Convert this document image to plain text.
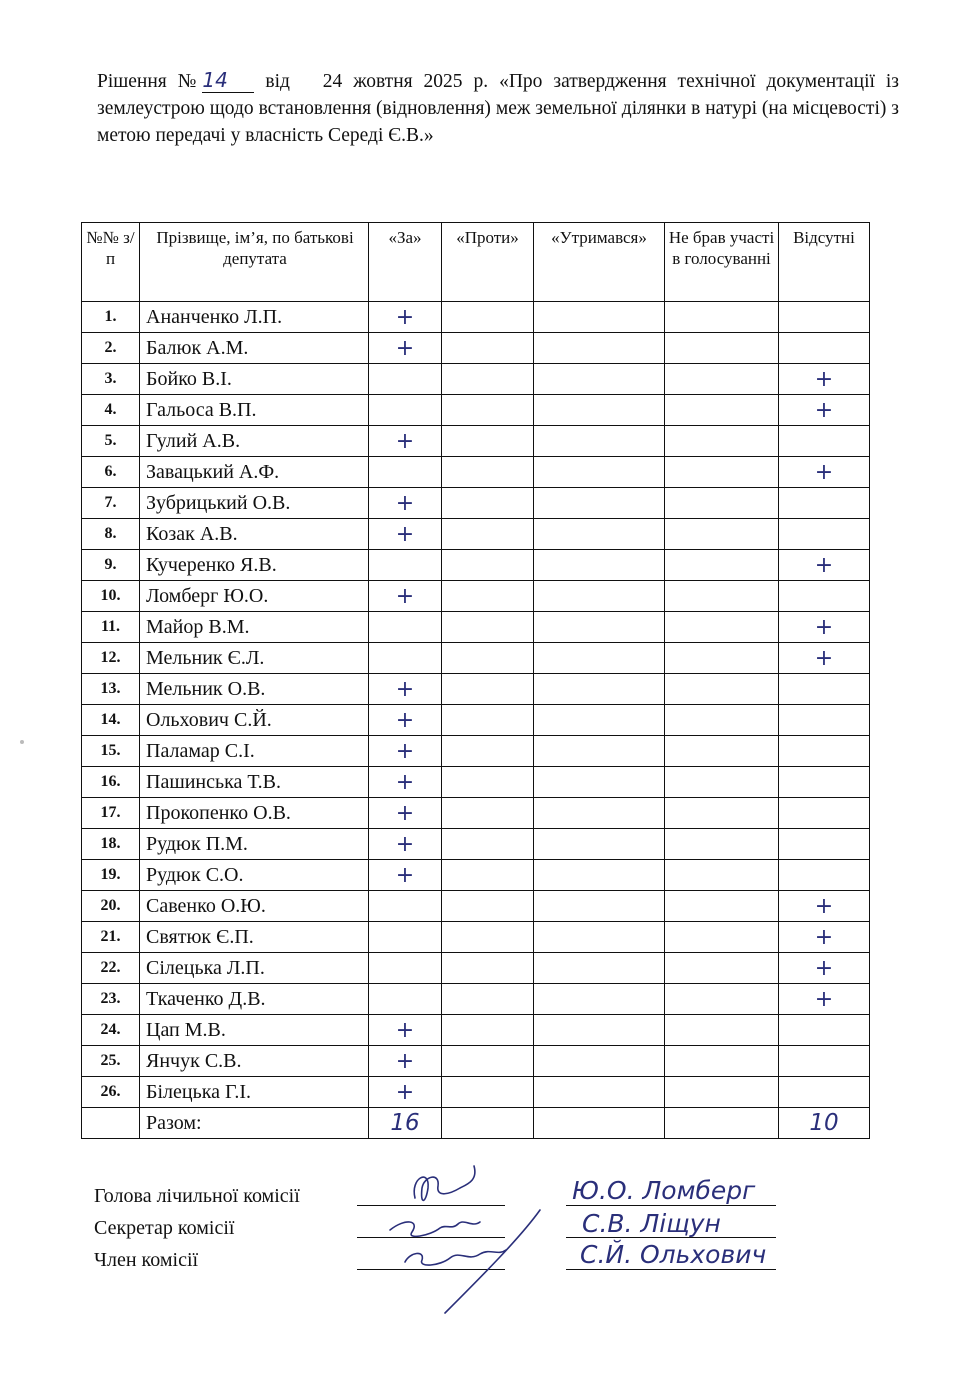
Рішення №14 від 24 жовтня 2025 р. «Про затвердження технічної документації із землеустрою щодо встановлення (відновлення) меж земельної ділянки в натурі (на місцевості) з метою передачі у власність Середі Є.В.»
№№ з/п	Прізвище, ім’я, по батькові депутата	«За»	«Проти»	«Утримався»	Не брав участі в голосуванні	Відсутні
1.	Ананченко Л.П.	+				
2.	Балюк А.М.	+				
3.	Бойко В.І.					+
4.	Гальоса В.П.					+
5.	Гулий А.В.	+				
6.	Завацький А.Ф.					+
7.	Зубрицький О.В.	+				
8.	Козак А.В.	+				
9.	Кучеренко Я.В.					+
10.	Ломберг Ю.О.	+				
11.	Майор В.М.					+
12.	Мельник Є.Л.					+
13.	Мельник О.В.	+				
14.	Ольхович С.Й.	+				
15.	Паламар С.І.	+				
16.	Пашинська Т.В.	+				
17.	Прокопенко О.В.	+				
18.	Рудюк П.М.	+				
19.	Рудюк С.О.	+				
20.	Савенко О.Ю.					+
21.	Святюк Є.П.					+
22.	Сілецька Л.П.					+
23.	Ткаченко Д.В.					+
24.	Цап М.В.	+				
25.	Янчук С.В.	+				
26.	Білецька Г.І.	+				
	Разом:	16				10
Голова лічильної комісії
Секретар комісії
Член комісії
Ю.О. Ломберг
С.В. Ліщун
С.Й. Ольхович
